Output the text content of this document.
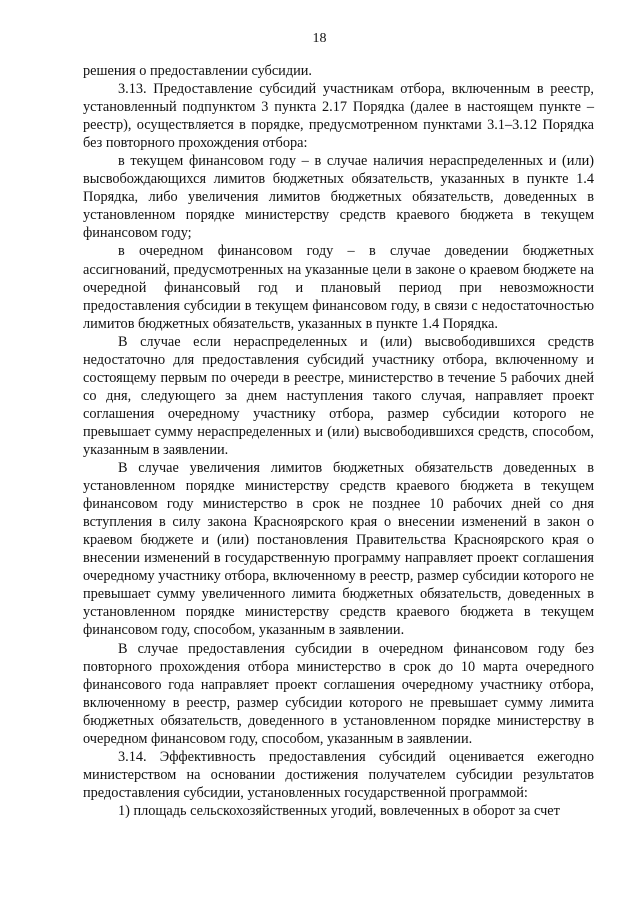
18

решения о предоставлении субсидии.

3.13. Предоставление субсидий участникам отбора, включенным в реестр, установленный подпунктом 3 пункта 2.17 Порядка (далее в настоящем пункте – реестр), осуществляется в порядке, предусмотренном пунктами 3.1–3.12 Порядка без повторного прохождения отбора:

в текущем финансовом году – в случае наличия нераспределенных и (или) высвобождающихся лимитов бюджетных обязательств, указанных в пункте 1.4 Порядка, либо увеличения лимитов бюджетных обязательств, доведенных в установленном порядке министерству средств краевого бюджета в текущем финансовом году;

в очередном финансовом году – в случае доведении бюджетных ассигнований, предусмотренных на указанные цели в законе о краевом бюджете на очередной финансовый год и плановый период при невозможности предоставления субсидии в текущем финансовом году, в связи с недостаточностью лимитов бюджетных обязательств, указанных в пункте 1.4 Порядка.

В случае если нераспределенных и (или) высвободившихся средств недостаточно для предоставления субсидий участнику отбора, включенному и состоящему первым по очереди в реестре, министерство в течение 5 рабочих дней со дня, следующего за днем наступления такого случая, направляет проект соглашения очередному участнику отбора, размер субсидии которого не превышает сумму нераспределенных и (или) высвободившихся средств, способом, указанным в заявлении.

В случае увеличения лимитов бюджетных обязательств доведенных в установленном порядке министерству средств краевого бюджета в текущем финансовом году министерство в срок не позднее 10 рабочих дней со дня вступления в силу закона Красноярского края о внесении изменений в закон о краевом бюджете и (или) постановления Правительства Красноярского края о внесении изменений в государственную программу направляет проект соглашения очередному участнику отбора, включенному в реестр, размер субсидии которого не превышает сумму увеличенного лимита бюджетных обязательств, доведенных в установленном порядке министерству средств краевого бюджета в текущем финансовом году, способом, указанным в заявлении.

В случае предоставления субсидии в очередном финансовом году без повторного прохождения отбора министерство в срок до 10 марта очередного финансового года направляет проект соглашения очередному участнику отбора, включенному в реестр, размер субсидии которого не превышает сумму лимита бюджетных обязательств, доведенного в установленном порядке министерству в очередном финансовом году, способом, указанным в заявлении.

3.14. Эффективность предоставления субсидий оценивается ежегодно министерством на основании достижения получателем субсидии результатов предоставления субсидии, установленных государственной программой:

1) площадь сельскохозяйственных угодий, вовлеченных в оборот за счет
